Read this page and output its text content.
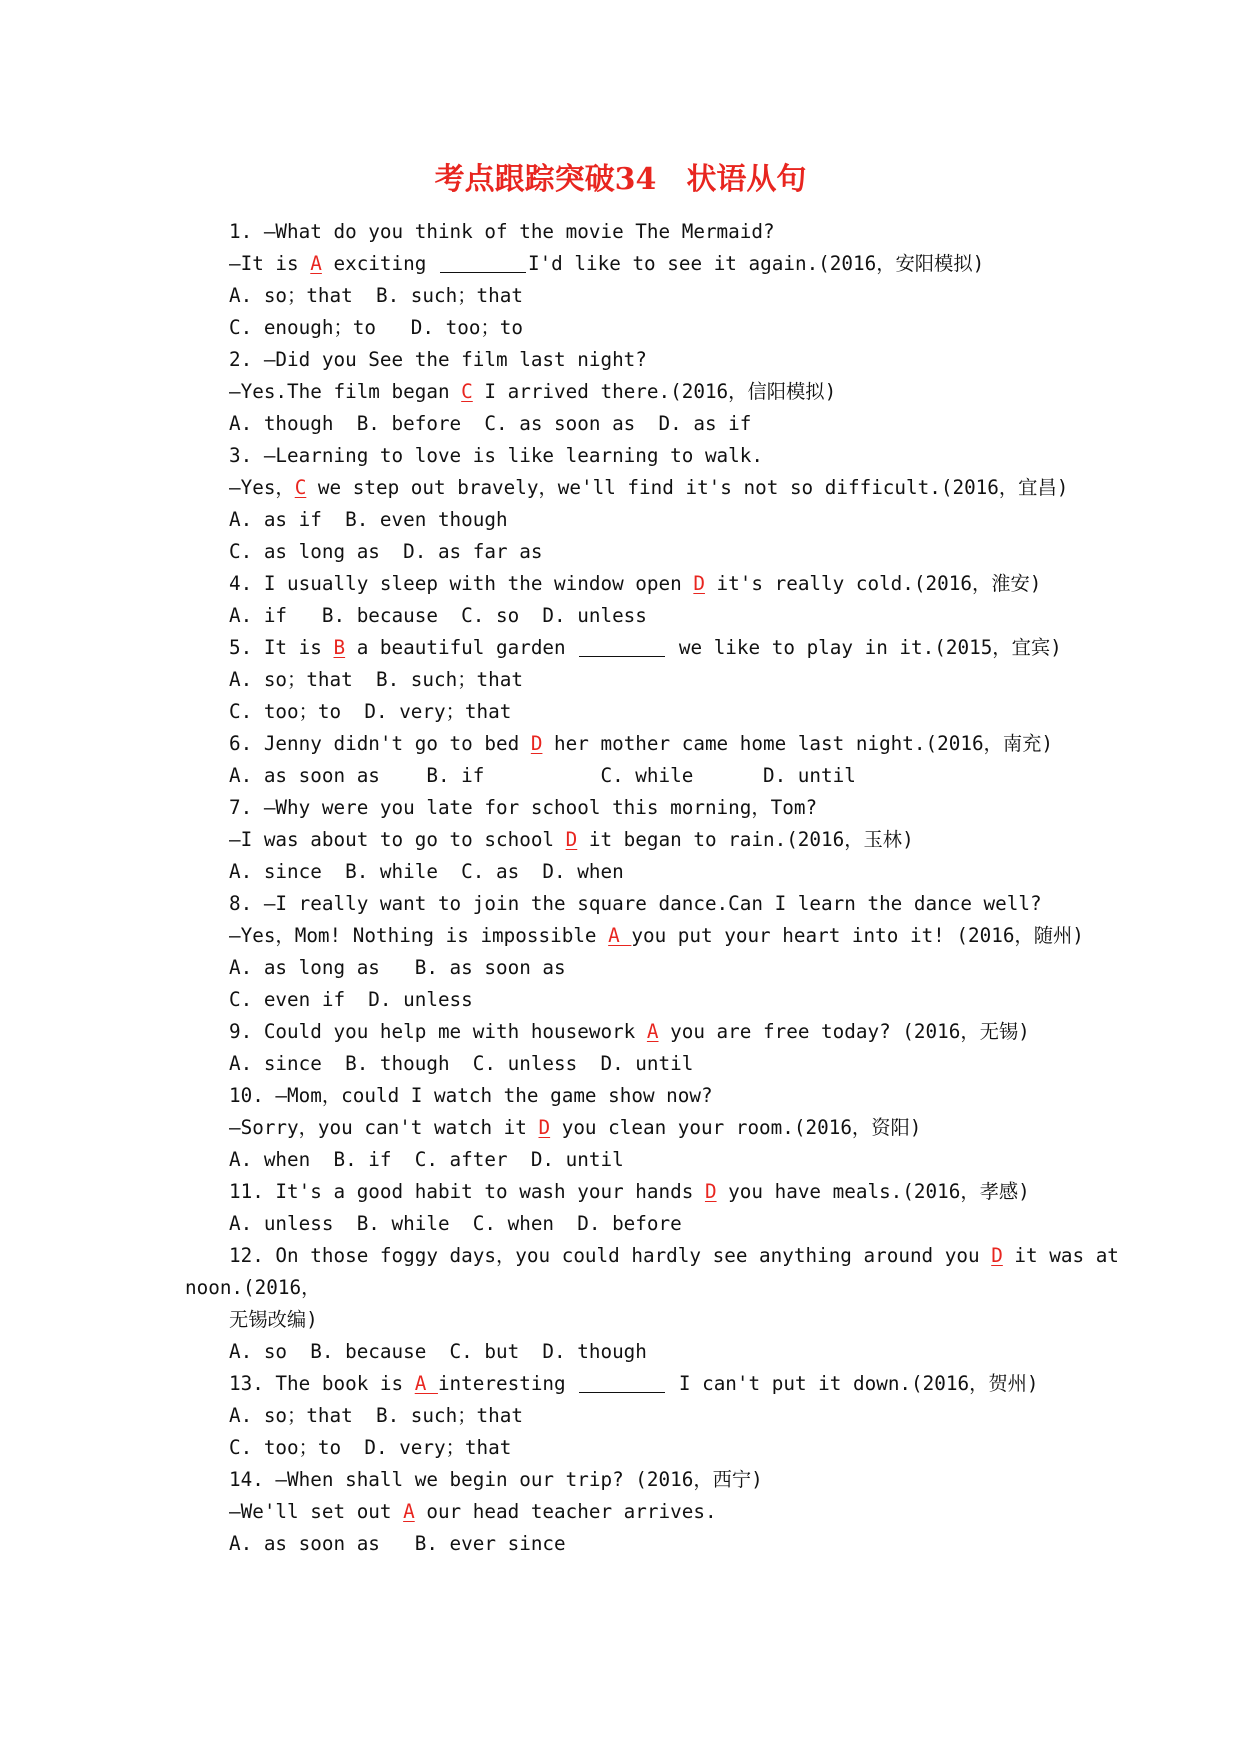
考点跟踪突破34　状语从句
1. —What do you think of the movie The Mermaid?
—It is A exciting	I'd like to see it again.(2016，安阳模拟)
A. so；that  B. such；that
C. enough；to   D. too；to
2. —Did you See the film last night?
—Yes.The film began C I arrived there.(2016，信阳模拟)
A. though  B. before  C. as soon as  D. as if
3. —Learning to love is like learning to walk.
—Yes，C we step out bravely，we'll find it's not so difficult.(2016，宜昌)
A. as if  B. even though
C. as long as  D. as far as
4. I usually sleep with the window open D it's really cold.(2016，淮安)
A. if   B. because  C. so  D. unless
5. It is B a beautiful garden	we like to play in it.(2015，宜宾)
A. so；that  B. such；that
C. too；to  D. very；that
6. Jenny didn't go to bed D her mother came home last night.(2016，南充)
A. as soon as    B. if          C. while      D. until
7. —Why were you late for school this morning，Tom?
—I was about to go to school D it began to rain.(2016，玉林)
A. since  B. while  C. as  D. when
8. —I really want to join the square dance.Can I learn the dance well?
—Yes，Mom! Nothing is impossible A you put your heart into it! (2016，随州)
A. as long as   B. as soon as
C. even if  D. unless
9. Could you help me with housework A you are free today? (2016，无锡)
A. since  B. though  C. unless  D. until
10. —Mom，could I watch the game show now?
—Sorry，you can't watch it D you clean your room.(2016，资阳)
A. when  B. if  C. after  D. until
11. It's a good habit to wash your hands D you have meals.(2016，孝感)
A. unless  B. while  C. when  D. before
12. On those foggy days，you could hardly see anything around you D it was at
noon.(2016，
无锡改编)
A. so  B. because  C. but  D. though
13. The book is A interesting	I can't put it down.(2016，贺州)
A. so；that  B. such；that
C. too；to  D. very；that
14. —When shall we begin our trip? (2016，西宁)
—We'll set out A our head teacher arrives.
A. as soon as   B. ever since
